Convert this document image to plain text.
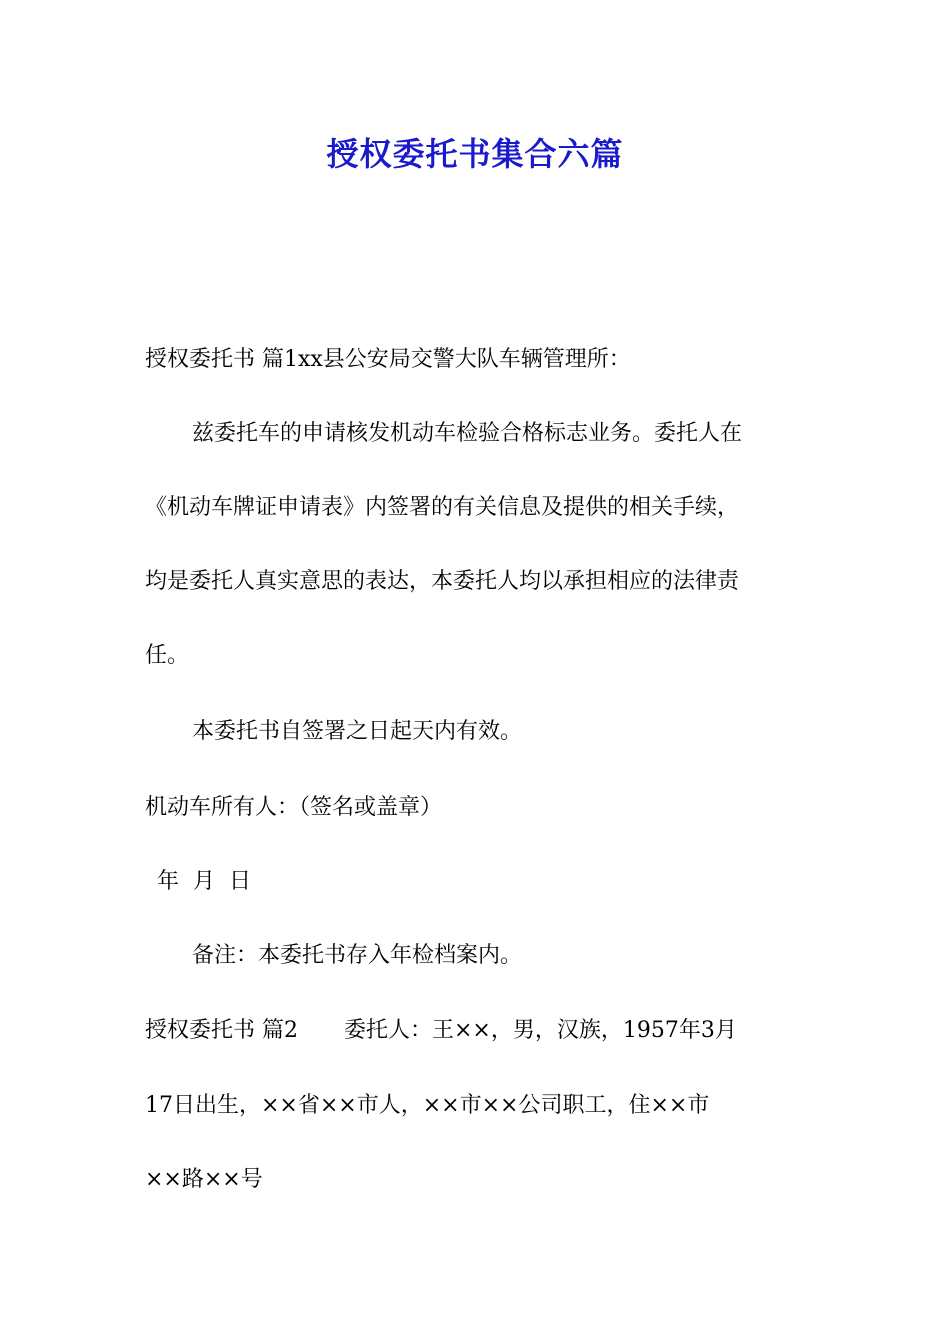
授权委托书集合六篇

授权委托书 篇1xx县公安局交警大队车辆管理所：

兹委托车的申请核发机动车检验合格标志业务。委托人在

《机动车牌证申请表》内签署的有关信息及提供的相关手续，

均是委托人真实意思的表达，本委托人均以承担相应的法律责

任。

本委托书自签署之日起天内有效。

机动车所有人：（签名或盖章）

年 月 日

备注：本委托书存入年检档案内。

授权委托书 篇2 委托人：王××，男，汉族，1957年3月

17日出生，××省××市人，××市××公司职工，住××市

××路××号
